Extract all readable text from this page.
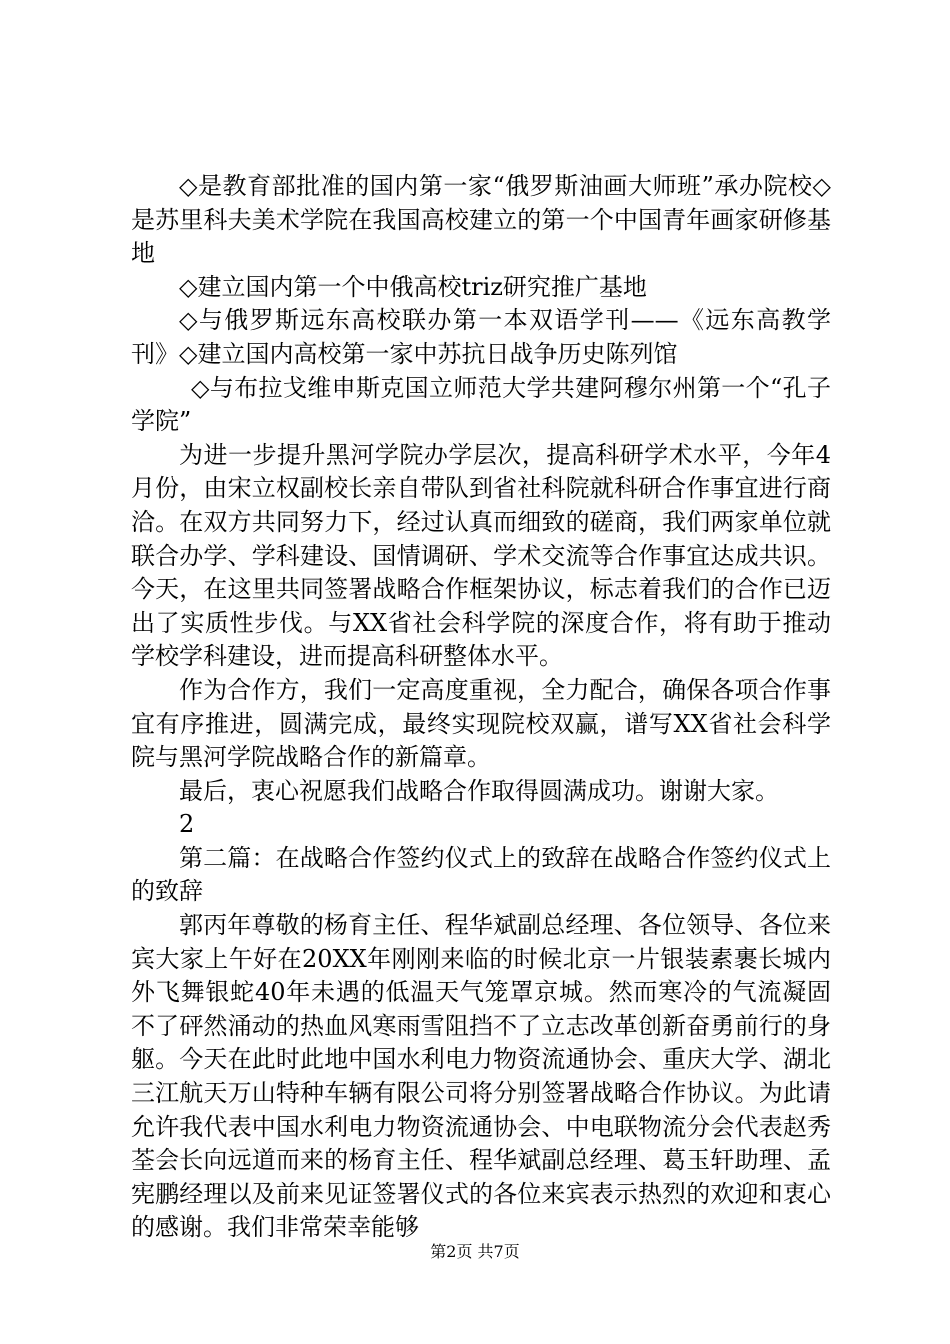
◇是教育部批准的国内第一家“俄罗斯油画大师班”承办院校◇是苏里科夫美术学院在我国高校建立的第一个中国青年画家研修基地

◇建立国内第一个中俄高校triz研究推广基地

◇与俄罗斯远东高校联办第一本双语学刊——《远东高教学刊》◇建立国内高校第一家中苏抗日战争历史陈列馆

◇与布拉戈维申斯克国立师范大学共建阿穆尔州第一个“孔子学院”

为进一步提升黑河学院办学层次，提高科研学术水平，今年4月份，由宋立权副校长亲自带队到省社科院就科研合作事宜进行商洽。在双方共同努力下，经过认真而细致的磋商，我们两家单位就联合办学、学科建设、国情调研、学术交流等合作事宜达成共识。今天，在这里共同签署战略合作框架协议，标志着我们的合作已迈出了实质性步伐。与XX省社会科学院的深度合作，将有助于推动学校学科建设，进而提高科研整体水平。

作为合作方，我们一定高度重视，全力配合，确保各项合作事宜有序推进，圆满完成，最终实现院校双赢，谱写XX省社会科学院与黑河学院战略合作的新篇章。

最后，衷心祝愿我们战略合作取得圆满成功。谢谢大家。

2

第二篇：在战略合作签约仪式上的致辞在战略合作签约仪式上的致辞

郭丙年尊敬的杨育主任、程华斌副总经理、各位领导、各位来宾大家上午好在20XX年刚刚来临的时候北京一片银装素裹长城内外飞舞银蛇40年未遇的低温天气笼罩京城。然而寒冷的气流凝固不了砰然涌动的热血风寒雨雪阻挡不了立志改革创新奋勇前行的身躯。今天在此时此地中国水利电力物资流通协会、重庆大学、湖北三江航天万山特种车辆有限公司将分别签署战略合作协议。为此请允许我代表中国水利电力物资流通协会、中电联物流分会代表赵秀荃会长向远道而来的杨育主任、程华斌副总经理、葛玉轩助理、孟宪鹏经理以及前来见证签署仪式的各位来宾表示热烈的欢迎和衷心的感谢。我们非常荣幸能够

第2页 共7页
